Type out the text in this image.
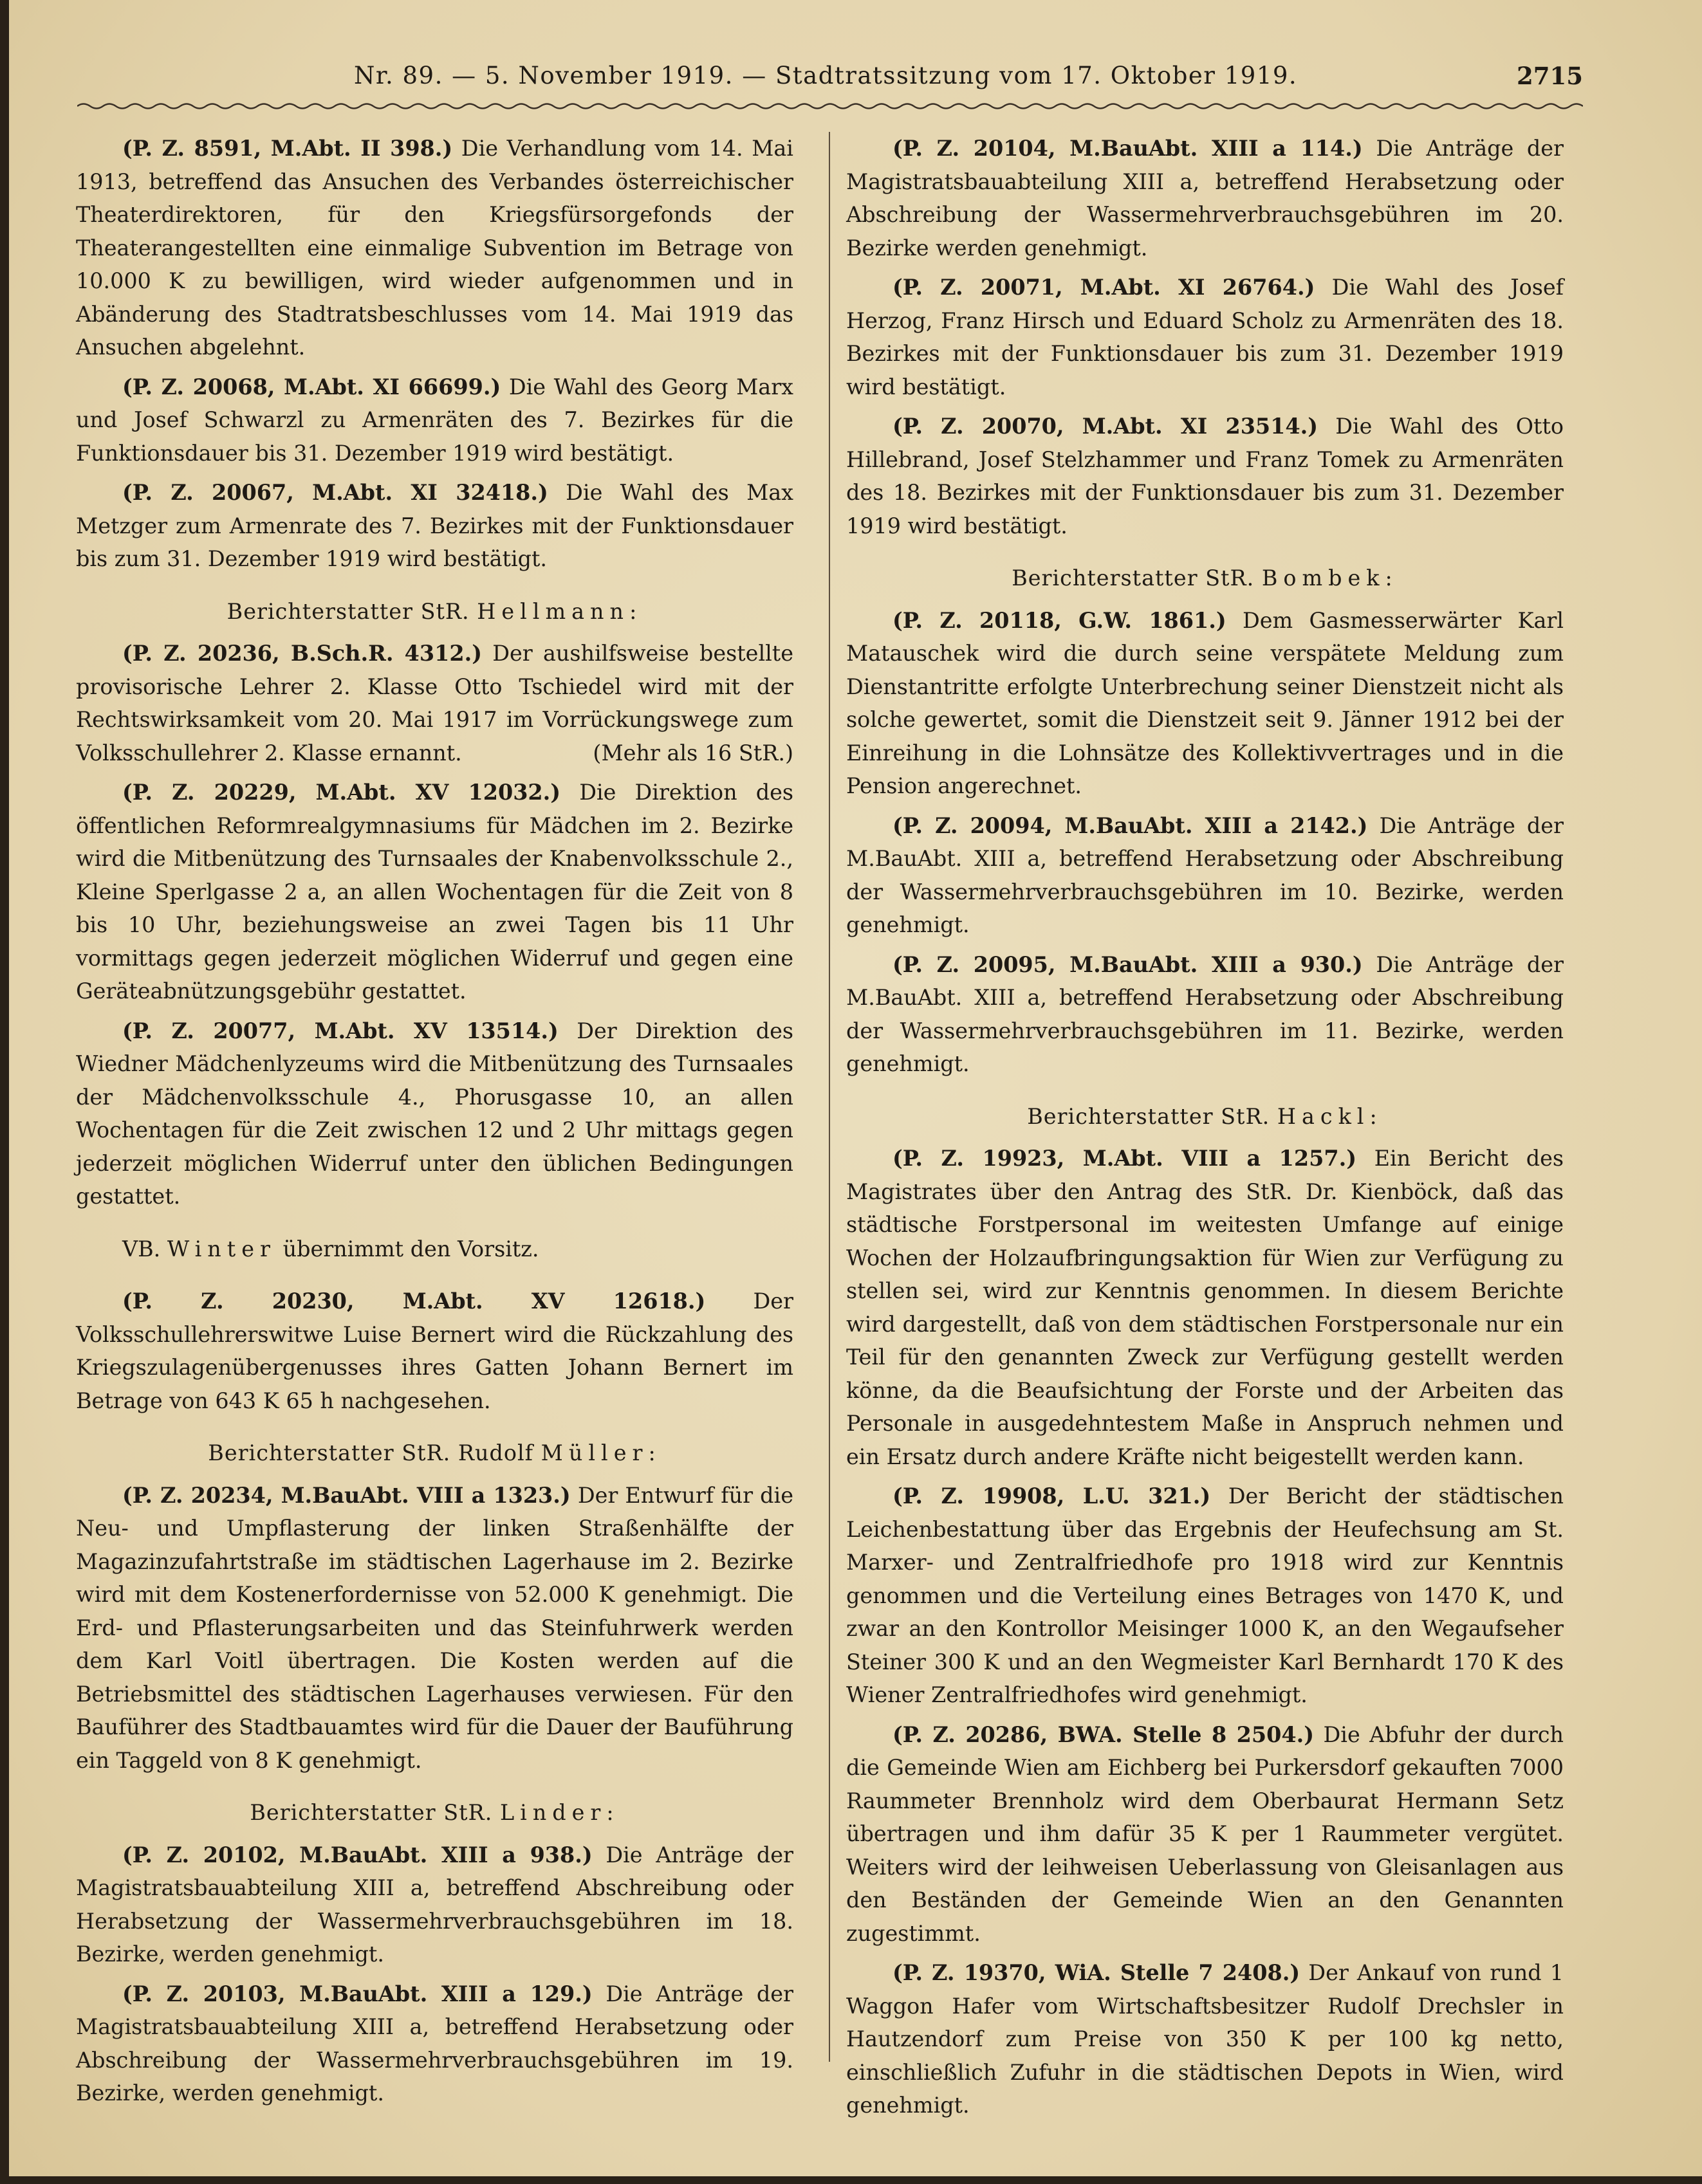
Nr. 89. — 5. November 1919. — Stadtratssitzung vom 17. Oktober 1919.	2715

(P. Z. 8591, M.Abt. II 398.) Die Verhandlung vom 14. Mai 1913, betreffend das Ansuchen des Verbandes österreichischer Theaterdirektoren, für den Kriegsfürsorgefonds der Theaterangestellten eine einmalige Subvention im Betrage von 10.000 K zu bewilligen, wird wieder aufgenommen und in Abänderung des Stadtratsbeschlusses vom 14. Mai 1919 das Ansuchen abgelehnt.

(P. Z. 20068, M.Abt. XI 66699.) Die Wahl des Georg Marx und Josef Schwarzl zu Armenräten des 7. Bezirkes für die Funktionsdauer bis 31. Dezember 1919 wird bestätigt.

(P. Z. 20067, M.Abt. XI 32418.) Die Wahl des Max Metzger zum Armenrate des 7. Bezirkes mit der Funktionsdauer bis zum 31. Dezember 1919 wird bestätigt.

Berichterstatter StR. Hellmann:

(P. Z. 20236, B.Sch.R. 4312.) Der aushilfsweise bestellte provisorische Lehrer 2. Klasse Otto Tschiedel wird mit der Rechtswirksamkeit vom 20. Mai 1917 im Vorrückungswege zum Volksschullehrer 2. Klasse ernannt.	(Mehr als 16 StR.)

(P. Z. 20229, M.Abt. XV 12032.) Die Direktion des öffentlichen Reformrealgymnasiums für Mädchen im 2. Bezirke wird die Mitbenützung des Turnsaales der Knabenvolksschule 2., Kleine Sperlgasse 2 a, an allen Wochentagen für die Zeit von 8 bis 10 Uhr, beziehungsweise an zwei Tagen bis 11 Uhr vormittags gegen jederzeit möglichen Widerruf und gegen eine Geräteabnützungsgebühr gestattet.

(P. Z. 20077, M.Abt. XV 13514.) Der Direktion des Wiedner Mädchenlyzeums wird die Mitbenützung des Turnsaales der Mädchenvolksschule 4., Phorusgasse 10, an allen Wochentagen für die Zeit zwischen 12 und 2 Uhr mittags gegen jederzeit möglichen Widerruf unter den üblichen Bedingungen gestattet.

VB. Winter übernimmt den Vorsitz.

(P. Z. 20230, M.Abt. XV 12618.) Der Volksschullehrerswitwe Luise Bernert wird die Rückzahlung des Kriegszulagenübergenusses ihres Gatten Johann Bernert im Betrage von 643 K 65 h nachgesehen.

Berichterstatter StR. Rudolf Müller:

(P. Z. 20234, M.BauAbt. VIII a 1323.) Der Entwurf für die Neu- und Umpflasterung der linken Straßenhälfte der Magazinzufahrtstraße im städtischen Lagerhause im 2. Bezirke wird mit dem Kostenerfordernisse von 52.000 K genehmigt. Die Erd- und Pflasterungsarbeiten und das Steinfuhrwerk werden dem Karl Voitl übertragen. Die Kosten werden auf die Betriebsmittel des städtischen Lagerhauses verwiesen. Für den Bauführer des Stadtbauamtes wird für die Dauer der Bauführung ein Taggeld von 8 K genehmigt.

Berichterstatter StR. Linder:

(P. Z. 20102, M.BauAbt. XIII a 938.) Die Anträge der Magistratsbauabteilung XIII a, betreffend Abschreibung oder Herabsetzung der Wassermehrverbrauchsgebühren im 18. Bezirke, werden genehmigt.

(P. Z. 20103, M.BauAbt. XIII a 129.) Die Anträge der Magistratsbauabteilung XIII a, betreffend Herabsetzung oder Abschreibung der Wassermehrverbrauchsgebühren im 19. Bezirke, werden genehmigt.

(P. Z. 20104, M.BauAbt. XIII a 114.) Die Anträge der Magistratsbauabteilung XIII a, betreffend Herabsetzung oder Abschreibung der Wassermehrverbrauchsgebühren im 20. Bezirke werden genehmigt.

(P. Z. 20071, M.Abt. XI 26764.) Die Wahl des Josef Herzog, Franz Hirsch und Eduard Scholz zu Armenräten des 18. Bezirkes mit der Funktionsdauer bis zum 31. Dezember 1919 wird bestätigt.

(P. Z. 20070, M.Abt. XI 23514.) Die Wahl des Otto Hillebrand, Josef Stelzhammer und Franz Tomek zu Armenräten des 18. Bezirkes mit der Funktionsdauer bis zum 31. Dezember 1919 wird bestätigt.

Berichterstatter StR. Bombek:

(P. Z. 20118, G.W. 1861.) Dem Gasmesserwärter Karl Matauschek wird die durch seine verspätete Meldung zum Dienstantritte erfolgte Unterbrechung seiner Dienstzeit nicht als solche gewertet, somit die Dienstzeit seit 9. Jänner 1912 bei der Einreihung in die Lohnsätze des Kollektivvertrages und in die Pension angerechnet.

(P. Z. 20094, M.BauAbt. XIII a 2142.) Die Anträge der M.BauAbt. XIII a, betreffend Herabsetzung oder Abschreibung der Wassermehrverbrauchsgebühren im 10. Bezirke, werden genehmigt.

(P. Z. 20095, M.BauAbt. XIII a 930.) Die Anträge der M.BauAbt. XIII a, betreffend Herabsetzung oder Abschreibung der Wassermehrverbrauchsgebühren im 11. Bezirke, werden genehmigt.

Berichterstatter StR. Hackl:

(P. Z. 19923, M.Abt. VIII a 1257.) Ein Bericht des Magistrates über den Antrag des StR. Dr. Kienböck, daß das städtische Forstpersonal im weitesten Umfange auf einige Wochen der Holzaufbringungsaktion für Wien zur Verfügung zu stellen sei, wird zur Kenntnis genommen. In diesem Berichte wird dargestellt, daß von dem städtischen Forstpersonale nur ein Teil für den genannten Zweck zur Verfügung gestellt werden könne, da die Beaufsichtung der Forste und der Arbeiten das Personale in ausgedehntestem Maße in Anspruch nehmen und ein Ersatz durch andere Kräfte nicht beigestellt werden kann.

(P. Z. 19908, L.U. 321.) Der Bericht der städtischen Leichenbestattung über das Ergebnis der Heufechsung am St. Marxer- und Zentralfriedhofe pro 1918 wird zur Kenntnis genommen und die Verteilung eines Betrages von 1470 K, und zwar an den Kontrollor Meisinger 1000 K, an den Wegaufseher Steiner 300 K und an den Wegmeister Karl Bernhardt 170 K des Wiener Zentralfriedhofes wird genehmigt.

(P. Z. 20286, BWA. Stelle 8 2504.) Die Abfuhr der durch die Gemeinde Wien am Eichberg bei Purkersdorf gekauften 7000 Raummeter Brennholz wird dem Oberbaurat Hermann Setz übertragen und ihm dafür 35 K per 1 Raummeter vergütet. Weiters wird der leihweisen Ueberlassung von Gleisanlagen aus den Beständen der Gemeinde Wien an den Genannten zugestimmt.

(P. Z. 19370, WiA. Stelle 7 2408.) Der Ankauf von rund 1 Waggon Hafer vom Wirtschaftsbesitzer Rudolf Drechsler in Hautzendorf zum Preise von 350 K per 100 kg netto, einschließlich Zufuhr in die städtischen Depots in Wien, wird genehmigt.
